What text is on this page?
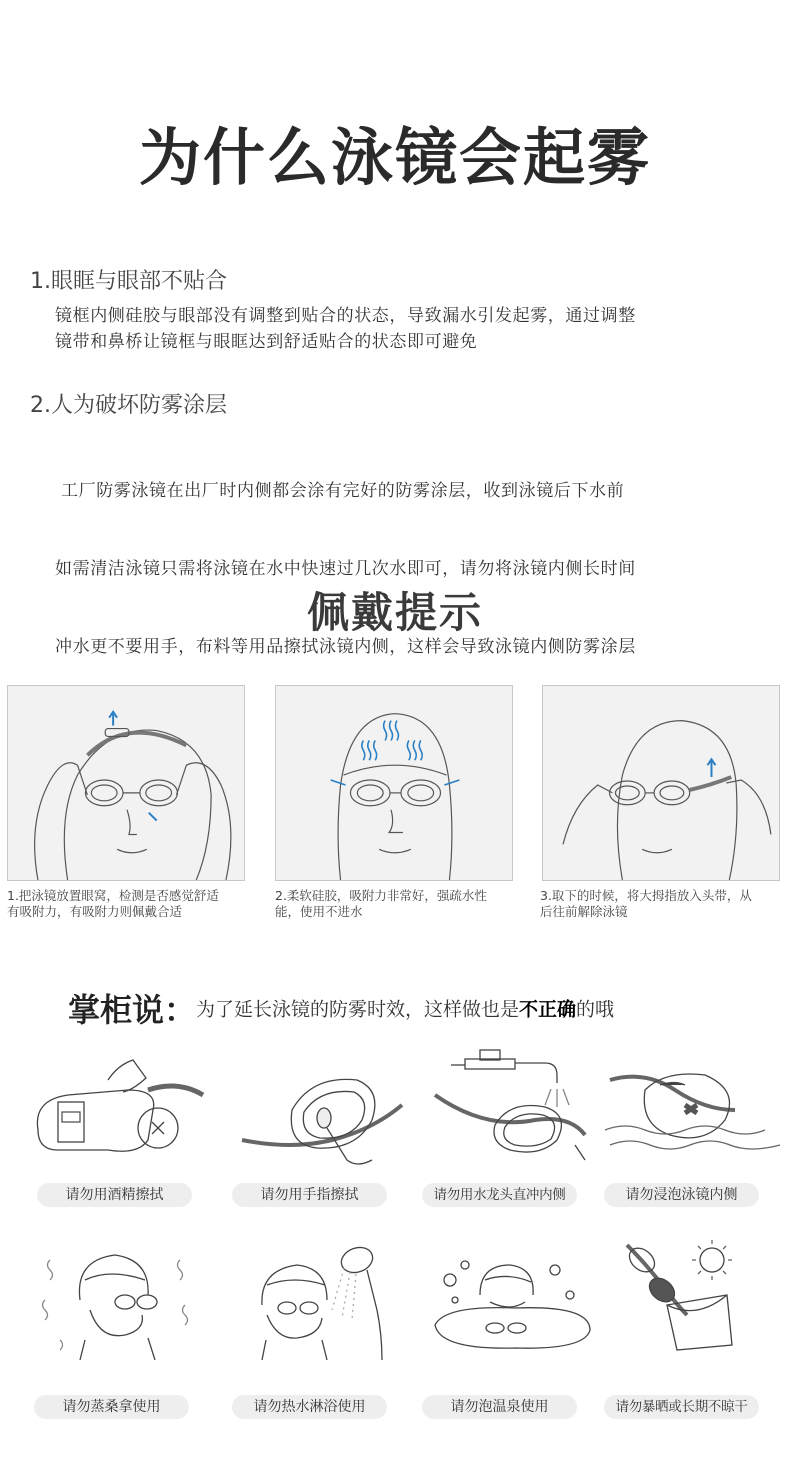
为什么泳镜会起雾
1.眼眶与眼部不贴合
镜框内侧硅胶与眼部没有调整到贴合的状态，导致漏水引发起雾，通过调整
镜带和鼻桥让镜框与眼眶达到舒适贴合的状态即可避免
2.人为破坏防雾涂层

工厂防雾泳镜在出厂时内侧都会涂有完好的防雾涂层，收到泳镜后下水前

如需清洁泳镜只需将泳镜在水中快速过几次水即可，请勿将泳镜内侧长时间

冲水更不要用手，布料等用品擦拭泳镜内侧，这样会导致泳镜内侧防雾涂层

佩戴提示
1.把泳镜放置眼窝，检测是否感觉舒适
有吸附力，有吸附力则佩戴合适
2.柔软硅胶，吸附力非常好，强疏水性
能，使用不进水
3.取下的时候，将大拇指放入头带，从
后往前解除泳镜
掌柜说：为了延长泳镜的防雾时效，这样做也是不正确的哦
请勿用酒精擦拭	请勿用手指擦拭	请勿用水龙头直冲内侧	请勿浸泡泳镜内侧
请勿蒸桑拿使用	请勿热水淋浴使用	请勿泡温泉使用	请勿暴晒或长期不晾干
